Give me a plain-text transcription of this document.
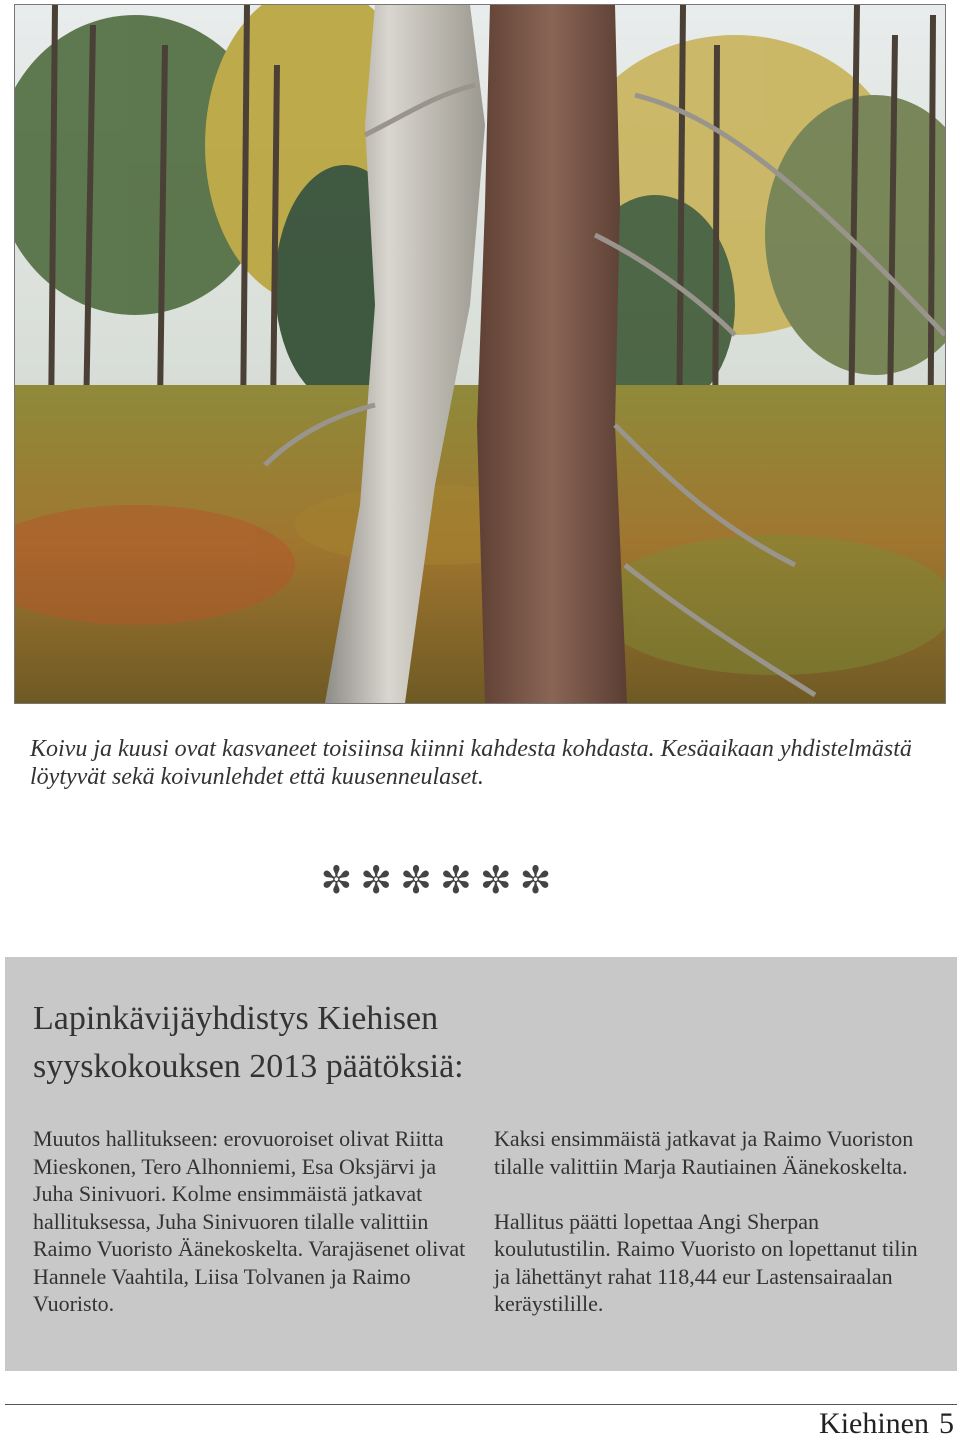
Koivu ja kuusi ovat kasvaneet toisiinsa kiinni kahdesta kohdasta. Kesäaikaan yhdistelmästä löytyvät sekä koivunlehdet että kuusenneulaset.

✼✼✼✼✼✼

Lapinkävijäyhdistys Kiehisen
syyskokouksen 2013 päätöksiä:

Muutos hallitukseen: erovuoroiset olivat Riitta Mieskonen, Tero Alhonniemi, Esa Oksjärvi ja Juha Sinivuori. Kolme ensimmäistä jatkavat hallituksessa, Juha Sinivuoren tilalle valittiin Raimo Vuoristo Äänekoskelta. Varajäsenet olivat Hannele Vaahtila, Liisa Tolvanen ja Raimo Vuoristo.

Kaksi ensimmäistä jatkavat ja Raimo Vuoriston tilalle valittiin Marja Rautiainen Äänekoskelta.

Hallitus päätti lopettaa Angi Sherpan koulutustilin. Raimo Vuoristo on lopettanut tilin ja lähettänyt rahat 118,44 eur Lastensairaalan keräystilille.

Kiehinen 5
